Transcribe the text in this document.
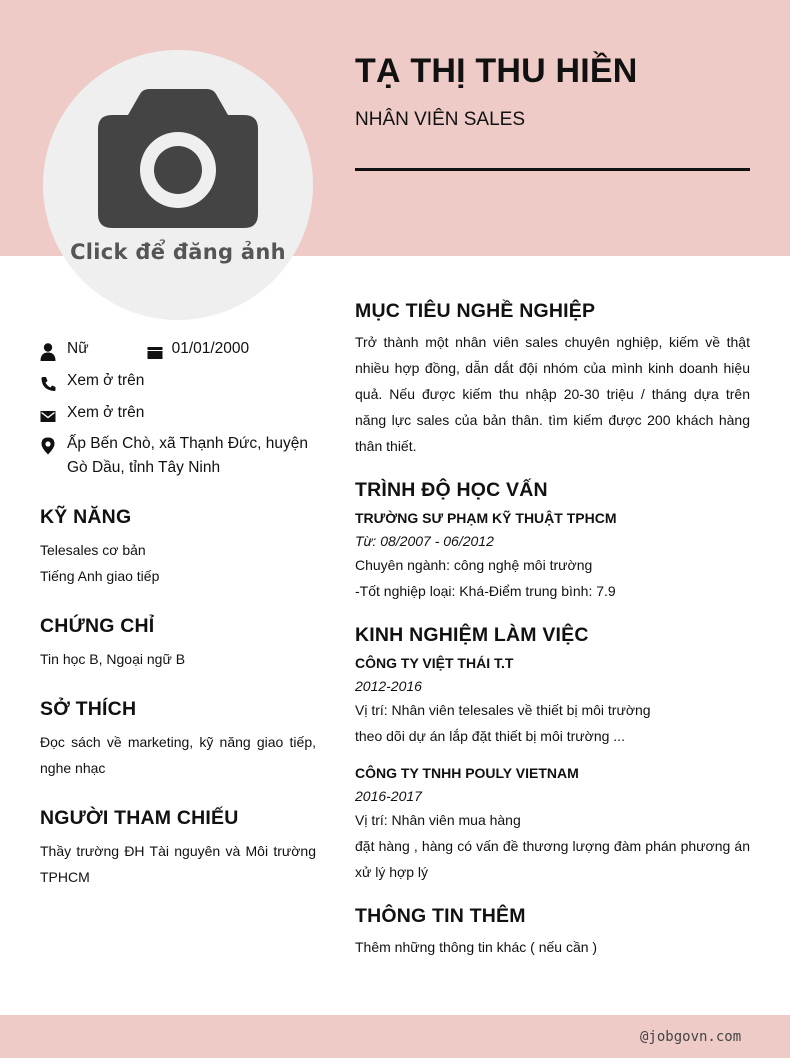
Click để đăng ảnh
TẠ THỊ THU HIỀN
NHÂN VIÊN SALES
Nữ	01/01/2000
Xem ở trên
Xem ở trên
Ấp Bến Chò, xã Thạnh Đức, huyện
Gò Dầu, tỉnh Tây Ninh
KỸ NĂNG
Telesales cơ bản
Tiếng Anh giao tiếp
CHỨNG CHỈ
Tin học B, Ngoại ngữ B
SỞ THÍCH
Đọc sách về marketing, kỹ năng giao tiếp, nghe nhạc
NGƯỜI THAM CHIẾU
Thầy trường ĐH Tài nguyên và Môi trường TPHCM
MỤC TIÊU NGHỀ NGHIỆP
Trở thành một nhân viên sales chuyên nghiệp, kiếm về thật nhiều hợp đồng, dẫn dắt đội nhóm của mình kinh doanh hiệu quả. Nếu được kiếm thu nhập 20-30 triệu / tháng dựa trên năng lực sales của bản thân. tìm kiếm được 200 khách hàng thân thiết.
TRÌNH ĐỘ HỌC VẤN
TRƯỜNG SƯ PHẠM KỸ THUẬT TPHCM
Từ: 08/2007 - 06/2012
Chuyên ngành: công nghệ môi trường
-Tốt nghiệp loại: Khá-Điểm trung bình: 7.9
KINH NGHIỆM LÀM VIỆC
CÔNG TY VIỆT THÁI T.T
2012-2016
Vị trí: Nhân viên telesales về thiết bị môi trường
theo dõi dự án lắp đặt thiết bị môi trường ...
CÔNG TY TNHH POULY VIETNAM
2016-2017
Vị trí: Nhân viên mua hàng
đặt hàng , hàng có vấn đề thương lượng đàm phán phương án xử lý hợp lý
THÔNG TIN THÊM
Thêm những thông tin khác ( nếu cần )
@jobgovn.com
